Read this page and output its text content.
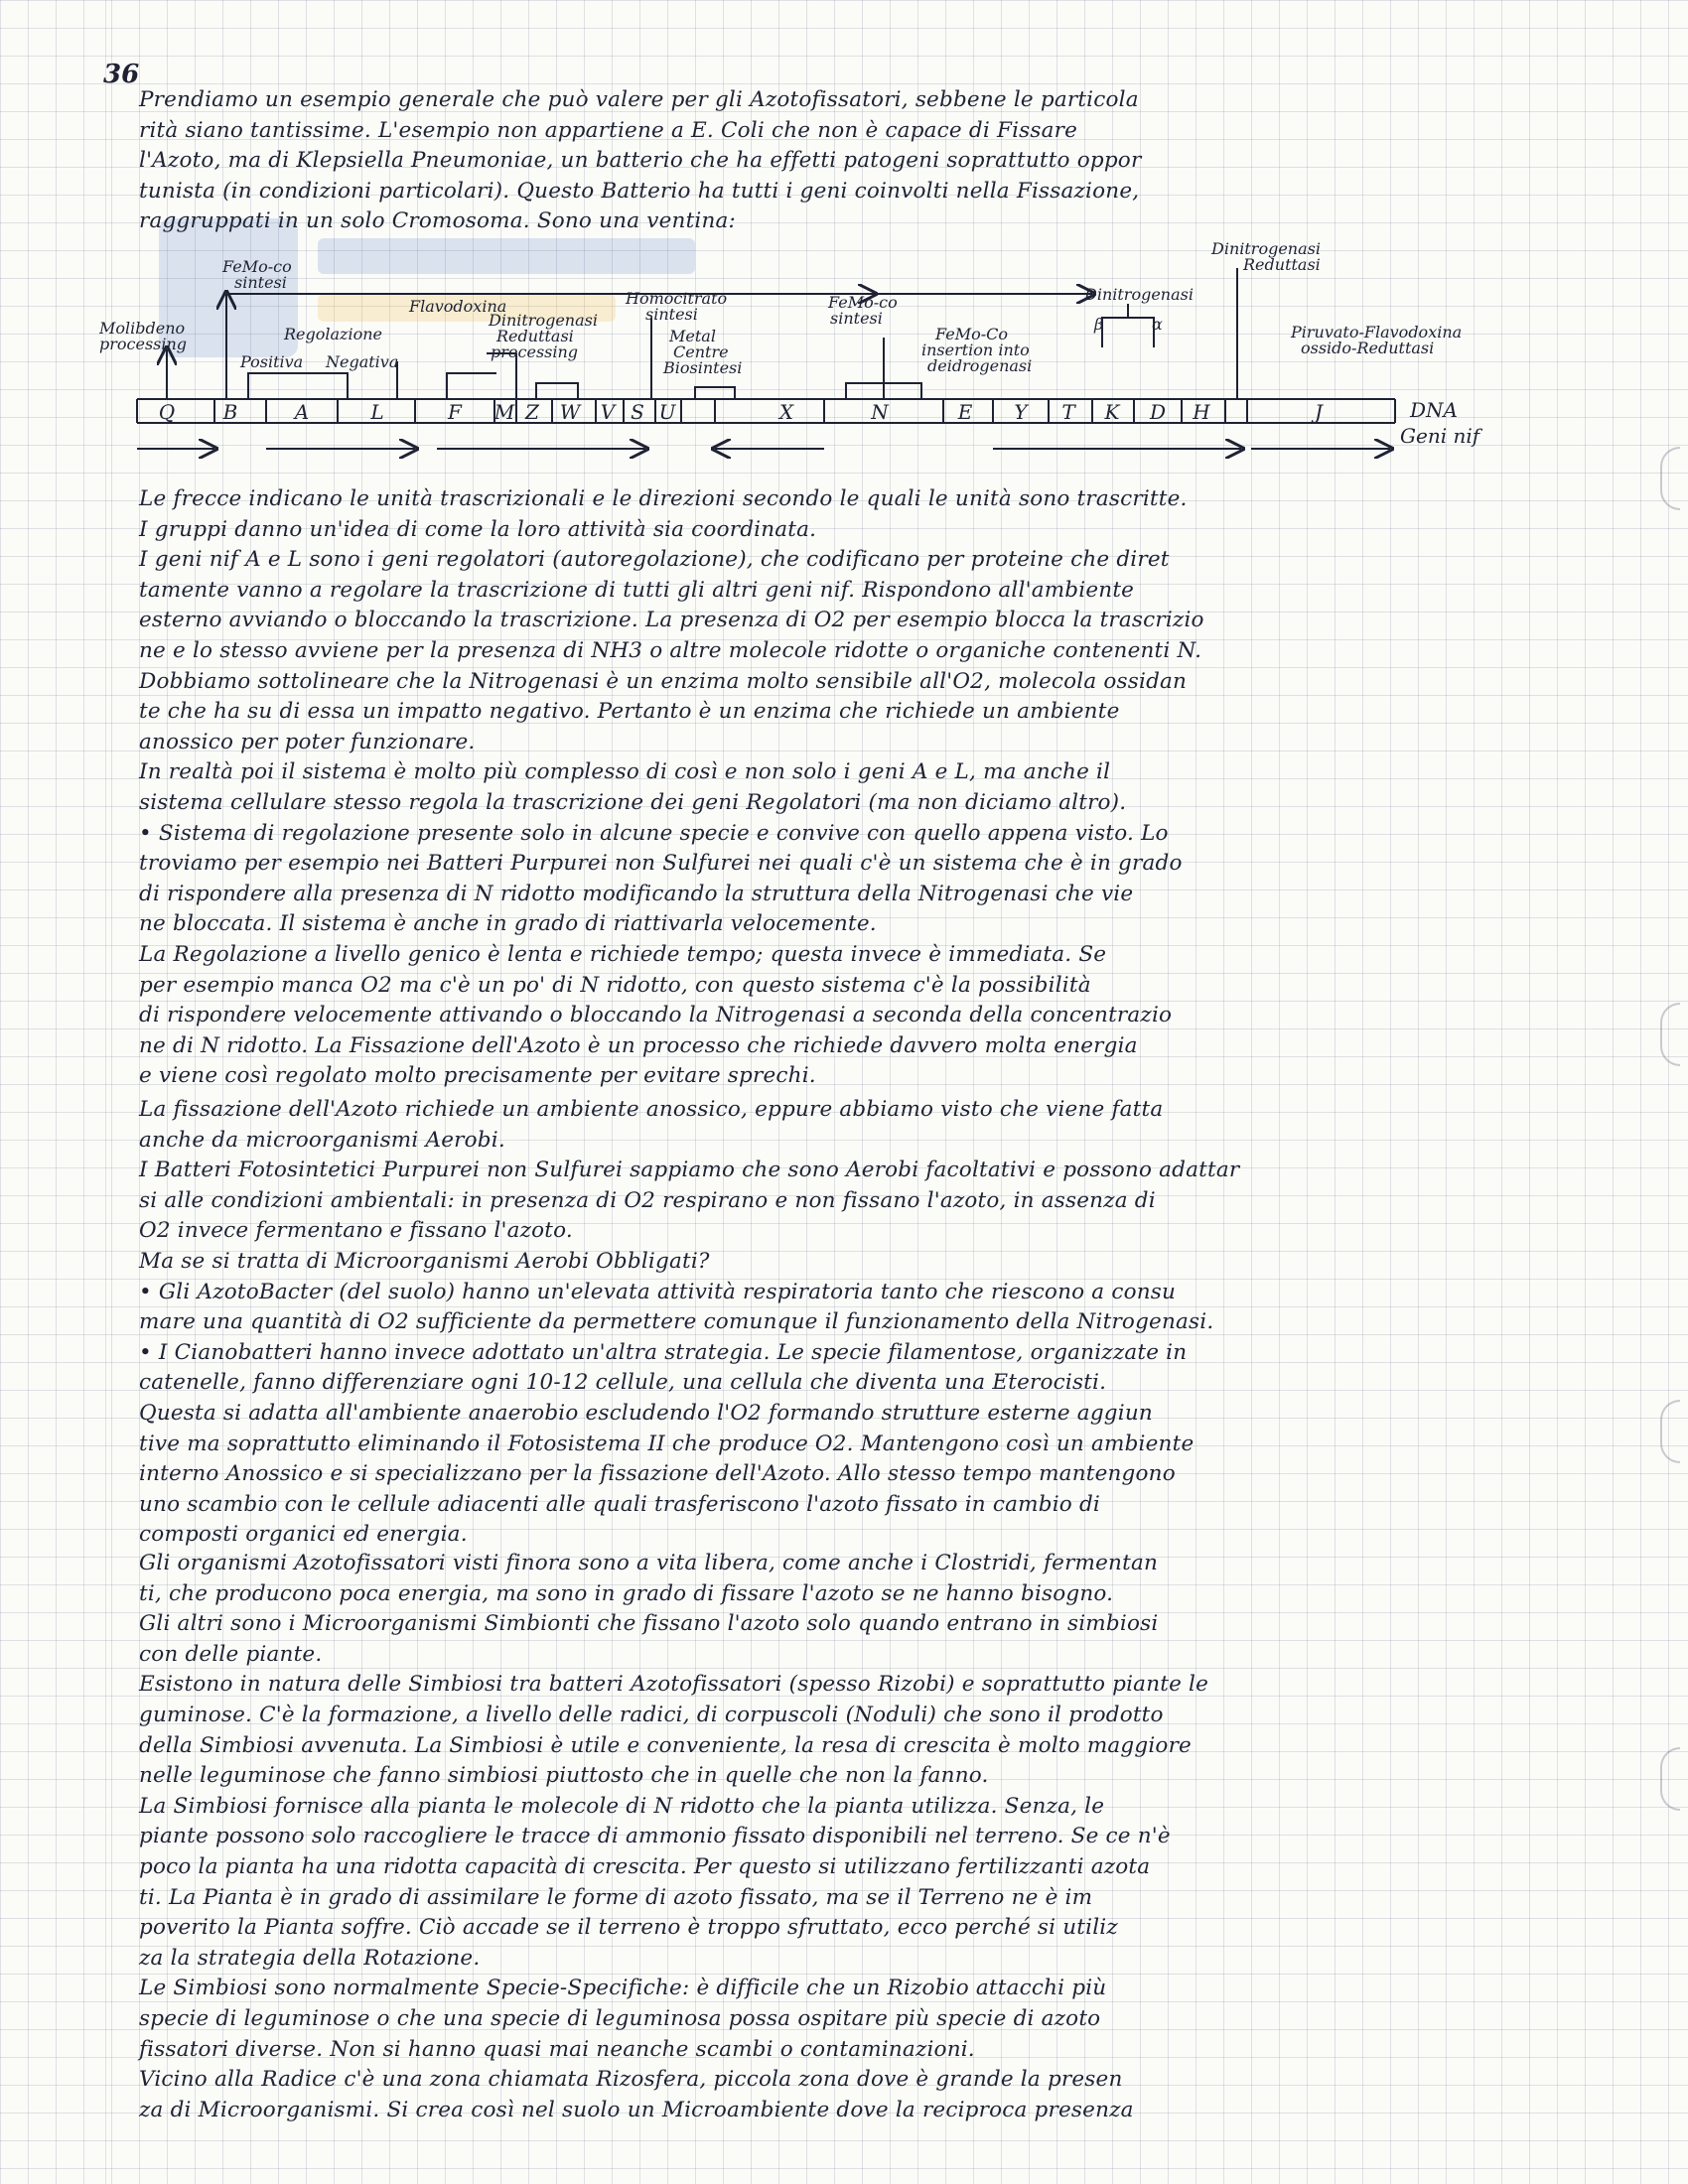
36

Prendiamo un esempio generale che può valere per gli Azotofissatori, sebbene le particola

rità siano tantissime. L'esempio non appartiene a E. Coli che non è capace di Fissare

l'Azoto, ma di Klepsiella Pneumoniae, un batterio che ha effetti patogeni soprattutto oppor

tunista (in condizioni particolari). Questo Batterio ha tutti i geni coinvolti nella Fissazione,

raggruppati in un solo Cromosoma. Sono una ventina:

Molibdeno
processing
FeMo-co
sintesi
Regolazione
Positiva Negativa
Flavodoxina
Dinitrogenasi
Reduttasi
processing
Homocitrato
sintesi
Metal
Centre
Biosintesi
FeMo-co
sintesi
FeMo-Co
insertion into
deidrogenasi
Dinitrogenasi
β	α
Dinitrogenasi
Reduttasi
Piruvato-Flavodoxina
ossido-Reduttasi
DNA
Geni nif
Q B	A	L	F M Z W V S U	X	N	E Y T K D H	J

Le frecce indicano le unità trascrizionali e le direzioni secondo le quali le unità sono trascritte.

I gruppi danno un'idea di come la loro attività sia coordinata.

I geni nif A e L sono i geni regolatori (autoregolazione), che codificano per proteine che diret

tamente vanno a regolare la trascrizione di tutti gli altri geni nif. Rispondono all'ambiente

esterno avviando o bloccando la trascrizione. La presenza di O2 per esempio blocca la trascrizio

ne e lo stesso avviene per la presenza di NH3 o altre molecole ridotte o organiche contenenti N.

Dobbiamo sottolineare che la Nitrogenasi è un enzima molto sensibile all'O2, molecola ossidan

te che ha su di essa un impatto negativo. Pertanto è un enzima che richiede un ambiente

anossico per poter funzionare.

In realtà poi il sistema è molto più complesso di così e non solo i geni A e L, ma anche il

sistema cellulare stesso regola la trascrizione dei geni Regolatori (ma non diciamo altro).

• Sistema di regolazione presente solo in alcune specie e convive con quello appena visto. Lo

troviamo per esempio nei Batteri Purpurei non Sulfurei nei quali c'è un sistema che è in grado

di rispondere alla presenza di N ridotto modificando la struttura della Nitrogenasi che vie

ne bloccata. Il sistema è anche in grado di riattivarla velocemente.

La Regolazione a livello genico è lenta e richiede tempo; questa invece è immediata. Se

per esempio manca O2 ma c'è un po' di N ridotto, con questo sistema c'è la possibilità

di rispondere velocemente attivando o bloccando la Nitrogenasi a seconda della concentrazio

ne di N ridotto. La Fissazione dell'Azoto è un processo che richiede davvero molta energia

e viene così regolato molto precisamente per evitare sprechi.

La fissazione dell'Azoto richiede un ambiente anossico, eppure abbiamo visto che viene fatta

anche da microorganismi Aerobi.

I Batteri Fotosintetici Purpurei non Sulfurei sappiamo che sono Aerobi facoltativi e possono adattar

si alle condizioni ambientali: in presenza di O2 respirano e non fissano l'azoto, in assenza di

O2 invece fermentano e fissano l'azoto.

Ma se si tratta di Microorganismi Aerobi Obbligati?

• Gli AzotoBacter (del suolo) hanno un'elevata attività respiratoria tanto che riescono a consu

mare una quantità di O2 sufficiente da permettere comunque il funzionamento della Nitrogenasi.

• I Cianobatteri hanno invece adottato un'altra strategia. Le specie filamentose, organizzate in

catenelle, fanno differenziare ogni 10-12 cellule, una cellula che diventa una Eterocisti.

Questa si adatta all'ambiente anaerobio escludendo l'O2 formando strutture esterne aggiun

tive ma soprattutto eliminando il Fotosistema II che produce O2. Mantengono così un ambiente

interno Anossico e si specializzano per la fissazione dell'Azoto. Allo stesso tempo mantengono

uno scambio con le cellule adiacenti alle quali trasferiscono l'azoto fissato in cambio di

composti organici ed energia.

Gli organismi Azotofissatori visti finora sono a vita libera, come anche i Clostridi, fermentan

ti, che producono poca energia, ma sono in grado di fissare l'azoto se ne hanno bisogno.

Gli altri sono i Microorganismi Simbionti che fissano l'azoto solo quando entrano in simbiosi

con delle piante.

Esistono in natura delle Simbiosi tra batteri Azotofissatori (spesso Rizobi) e soprattutto piante le

guminose. C'è la formazione, a livello delle radici, di corpuscoli (Noduli) che sono il prodotto

della Simbiosi avvenuta. La Simbiosi è utile e conveniente, la resa di crescita è molto maggiore

nelle leguminose che fanno simbiosi piuttosto che in quelle che non la fanno.

La Simbiosi fornisce alla pianta le molecole di N ridotto che la pianta utilizza. Senza, le

piante possono solo raccogliere le tracce di ammonio fissato disponibili nel terreno. Se ce n'è

poco la pianta ha una ridotta capacità di crescita. Per questo si utilizzano fertilizzanti azota

ti. La Pianta è in grado di assimilare le forme di azoto fissato, ma se il Terreno ne è im

poverito la Pianta soffre. Ciò accade se il terreno è troppo sfruttato, ecco perché si utiliz

za la strategia della Rotazione.

Le Simbiosi sono normalmente Specie-Specifiche: è difficile che un Rizobio attacchi più

specie di leguminose o che una specie di leguminosa possa ospitare più specie di azoto

fissatori diverse. Non si hanno quasi mai neanche scambi o contaminazioni.

Vicino alla Radice c'è una zona chiamata Rizosfera, piccola zona dove è grande la presen

za di Microorganismi. Si crea così nel suolo un Microambiente dove la reciproca presenza
